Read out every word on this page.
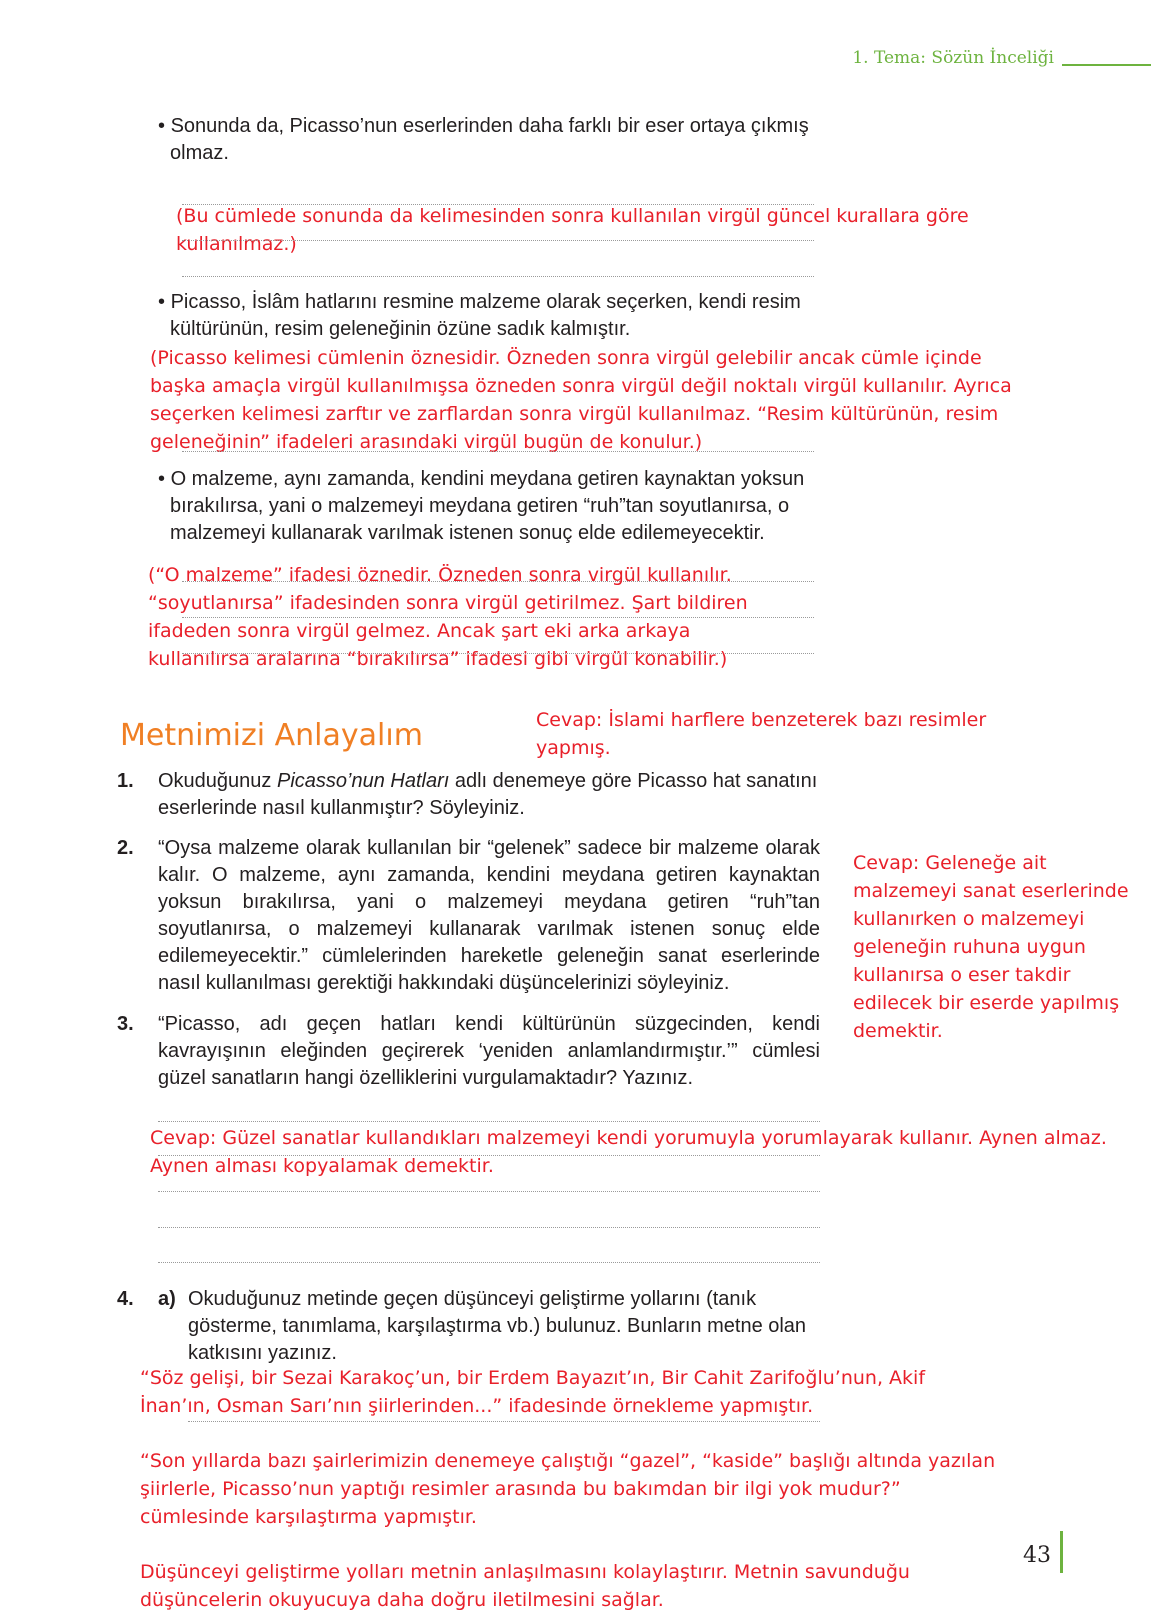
1. Tema: Sözün İnceliği
• Sonunda da, Picasso’nun eserlerinden daha farklı bir eser ortaya çıkmış olmaz.
(Bu cümlede sonunda da kelimesinden sonra kullanılan virgül güncel kurallara göre kullanılmaz.)
• Picasso, İslâm hatlarını resmine malzeme olarak seçerken, kendi resim kültürünün, resim geleneğinin özüne sadık kalmıştır.
(Picasso kelimesi cümlenin öznesidir. Özneden sonra virgül gelebilir ancak cümle içinde başka amaçla virgül kullanılmışsa özneden sonra virgül değil noktalı virgül kullanılır. Ayrıca seçerken kelimesi zarftır ve zarflardan sonra virgül kullanılmaz. “Resim kültürünün, resim geleneğinin” ifadeleri arasındaki virgül bugün de konulur.)
• O malzeme, aynı zamanda, kendini meydana getiren kaynaktan yoksun bırakılırsa, yani o malzemeyi meydana getiren “ruh”tan soyutlanırsa, o malzemeyi kullanarak varılmak istenen sonuç elde edilemeyecektir.
(“O malzeme” ifadesi öznedir. Özneden sonra virgül kullanılır. “soyutlanırsa” ifadesinden sonra virgül getirilmez. Şart bildiren ifadeden sonra virgül gelmez. Ancak şart eki arka arkaya kullanılırsa aralarına “bırakılırsa” ifadesi gibi virgül konabilir.)
Metnimizi Anlayalım	Cevap: İslami harflere benzeterek bazı resimler yapmış.
1. Okuduğunuz Picasso’nun Hatları adlı denemeye göre Picasso hat sanatını eserlerinde nasıl kullanmıştır? Söyleyiniz.
2. “Oysa malzeme olarak kullanılan bir “gelenek” sadece bir malzeme olarak kalır. O malzeme, aynı zamanda, kendini meydana getiren kaynaktan yoksun bırakılırsa, yani o malzemeyi meydana getiren “ruh”tan soyutlanırsa, o malzemeyi kullanarak varılmak istenen sonuç elde edilemeyecektir.” cümlelerinden hareketle geleneğin sanat eserlerinde nasıl kullanılması gerektiği hakkındaki düşüncelerinizi söyleyiniz.
Cevap: Geleneğe ait malzemeyi sanat eserlerinde kullanırken o malzemeyi geleneğin ruhuna uygun kullanırsa o eser takdir edilecek bir eserde yapılmış demektir.
3. “Picasso, adı geçen hatları kendi kültürünün süzgecinden, kendi kavrayışının eleğinden geçirerek ‘yeniden anlamlandırmıştır.’” cümlesi güzel sanatların hangi özelliklerini vurgulamaktadır? Yazınız.
Cevap: Güzel sanatlar kullandıkları malzemeyi kendi yorumuyla yorumlayarak kullanır. Aynen almaz. Aynen alması kopyalamak demektir.
4. a) Okuduğunuz metinde geçen düşünceyi geliştirme yollarını (tanık gösterme, tanımlama, karşılaştırma vb.) bulunuz. Bunların metne olan katkısını yazınız.
“Söz gelişi, bir Sezai Karakoç’un, bir Erdem Bayazıt’ın, Bir Cahit Zarifoğlu’nun, Akif İnan’ın, Osman Sarı’nın şiirlerinden...” ifadesinde örnekleme yapmıştır.
“Son yıllarda bazı şairlerimizin denemeye çalıştığı “gazel”, “kaside” başlığı altında yazılan şiirlerle, Picasso’nun yaptığı resimler arasında bu bakımdan bir ilgi yok mudur?” cümlesinde karşılaştırma yapmıştır.
Düşünceyi geliştirme yolları metnin anlaşılmasını kolaylaştırır. Metnin savunduğu düşüncelerin okuyucuya daha doğru iletilmesini sağlar.
43
